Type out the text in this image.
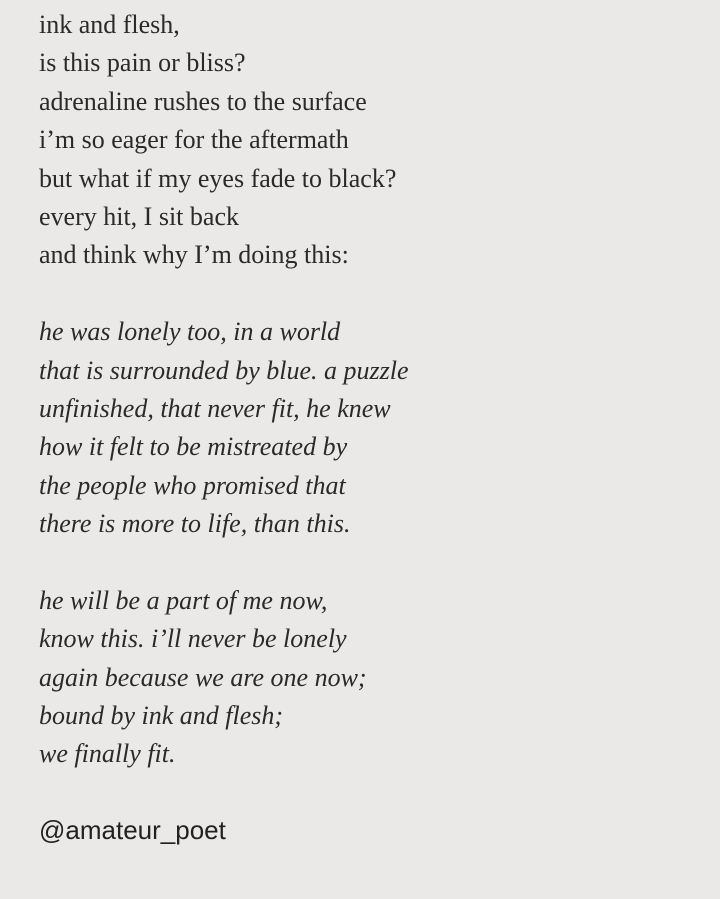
ink and flesh,
is this pain or bliss?
adrenaline rushes to the surface
i’m so eager for the aftermath
but what if my eyes fade to black?
every hit, I sit back
and think why I’m doing this:
he was lonely too, in a world
that is surrounded by blue. a puzzle
unfinished, that never fit, he knew
how it felt to be mistreated by
the people who promised that
there is more to life, than this.
he will be a part of me now,
know this. i’ll never be lonely
again because we are one now;
bound by ink and flesh;
we finally fit.
@amateur_poet
